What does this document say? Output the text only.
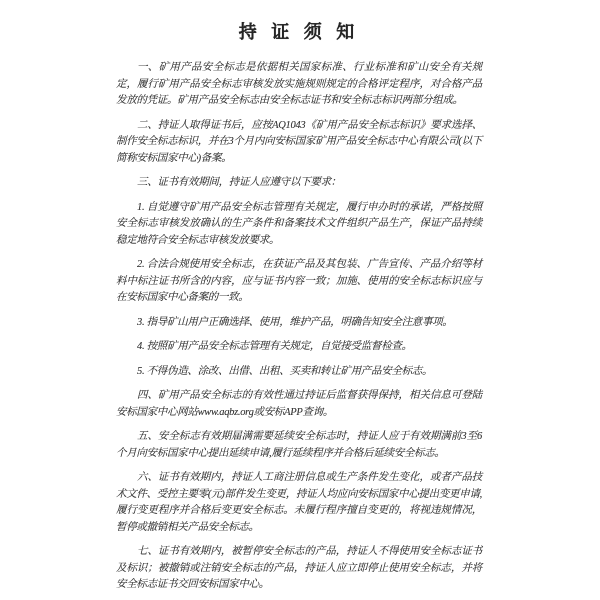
持 证 须 知

一、矿用产品安全标志是依据相关国家标准、行业标准和矿山安全有关规定，履行矿用产品安全标志审核发放实施规则规定的合格评定程序，对合格产品发放的凭证。矿用产品安全标志由安全标志证书和安全标志标识两部分组成。

二、持证人取得证书后，应按AQ1043《矿用产品安全标志标识》要求选择、制作安全标志标识，并在3个月内向安标国家矿用产品安全标志中心有限公司(以下简称安标国家中心)备案。

三、证书有效期间，持证人应遵守以下要求：

1. 自觉遵守矿用产品安全标志管理有关规定，履行申办时的承诺，严格按照安全标志审核发放确认的生产条件和备案技术文件组织产品生产，保证产品持续稳定地符合安全标志审核发放要求。

2. 合法合规使用安全标志，在获证产品及其包装、广告宣传、产品介绍等材料中标注证书所含的内容，应与证书内容一致；加施、使用的安全标志标识应与在安标国家中心备案的一致。

3. 指导矿山用户正确选择、使用，维护产品，明确告知安全注意事项。

4. 按照矿用产品安全标志管理有关规定，自觉接受监督检查。

5. 不得伪造、涂改、出借、出租、买卖和转让矿用产品安全标志。

四、矿用产品安全标志的有效性通过持证后监督获得保持，相关信息可登陆安标国家中心网站www.aqbz.org或安标APP查询。

五、安全标志有效期届满需要延续安全标志时，持证人应于有效期满前3至6个月向安标国家中心提出延续申请,履行延续程序并合格后延续安全标志。

六、证书有效期内，持证人工商注册信息或生产条件发生变化，或者产品技术文件、受控主要零(元)部件发生变更，持证人均应向安标国家中心提出变更申请,履行变更程序并合格后变更安全标志。未履行程序擅自变更的，将视违规情况，暂停或撤销相关产品安全标志。

七、证书有效期内，被暂停安全标志的产品，持证人不得使用安全标志证书及标识；被撤销或注销安全标志的产品，持证人应立即停止使用安全标志，并将安全标志证书交回安标国家中心。
